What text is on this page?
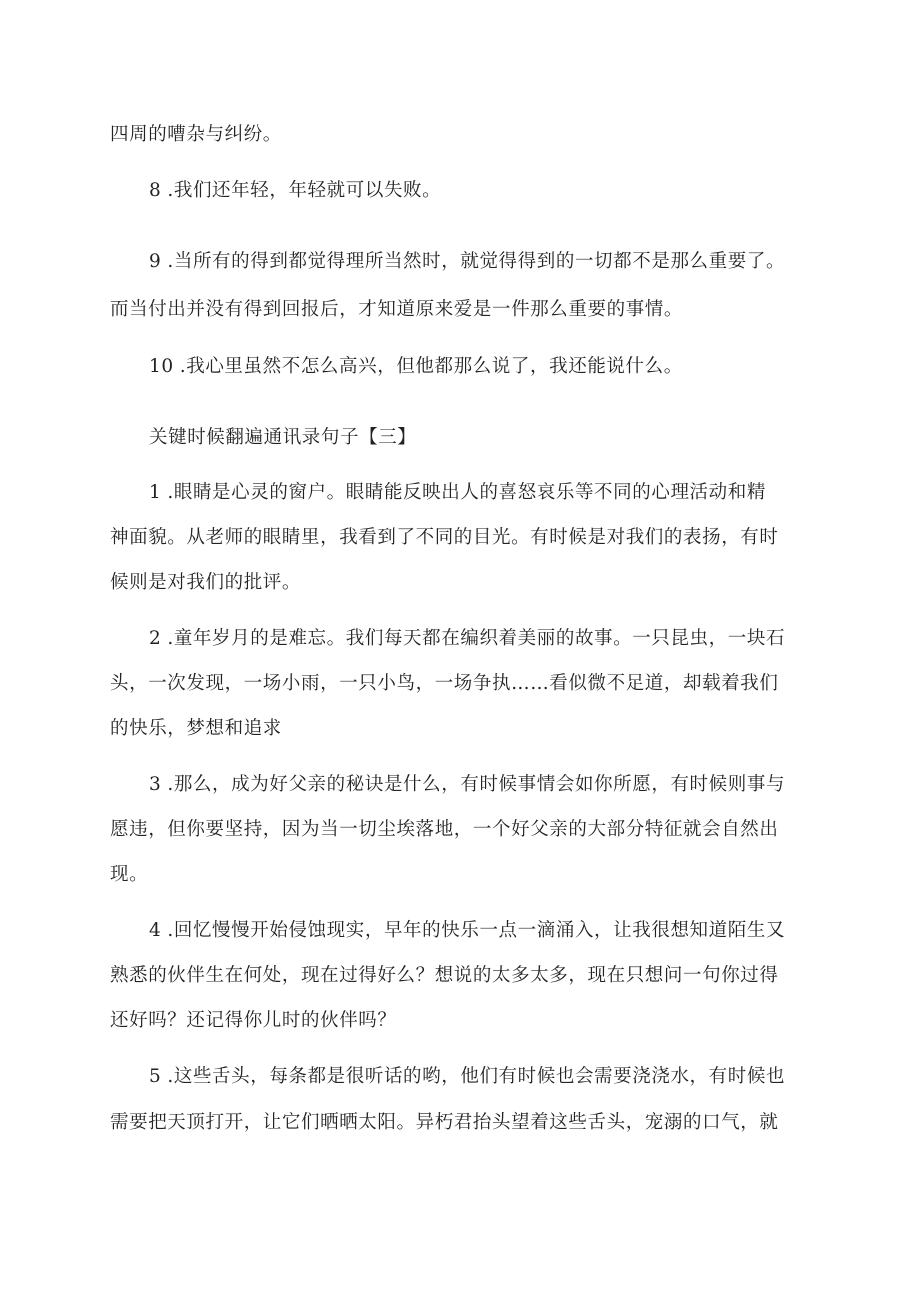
四周的嘈杂与纠纷。
8 .我们还年轻，年轻就可以失败。
9 .当所有的得到都觉得理所当然时，就觉得得到的一切都不是那么重要了。
而当付出并没有得到回报后，才知道原来爱是一件那么重要的事情。
10 .我心里虽然不怎么高兴，但他都那么说了，我还能说什么。
关键时候翻遍通讯录句子【三】
1 .眼睛是心灵的窗户。眼睛能反映出人的喜怒哀乐等不同的心理活动和精
神面貌。从老师的眼睛里，我看到了不同的目光。有时候是对我们的表扬，有时
候则是对我们的批评。
2 .童年岁月的是难忘。我们每天都在编织着美丽的故事。一只昆虫，一块石
头，一次发现，一场小雨，一只小鸟，一场争执……看似微不足道，却载着我们
的快乐，梦想和追求
3 .那么，成为好父亲的秘诀是什么，有时候事情会如你所愿，有时候则事与
愿违，但你要坚持，因为当一切尘埃落地，一个好父亲的大部分特征就会自然出
现。
4 .回忆慢慢开始侵蚀现实，早年的快乐一点一滴涌入，让我很想知道陌生又
熟悉的伙伴生在何处，现在过得好么？想说的太多太多，现在只想问一句你过得
还好吗？还记得你儿时的伙伴吗？
5 .这些舌头，每条都是很听话的哟，他们有时候也会需要浇浇水，有时候也
需要把天顶打开，让它们晒晒太阳。异朽君抬头望着这些舌头，宠溺的口气，就
